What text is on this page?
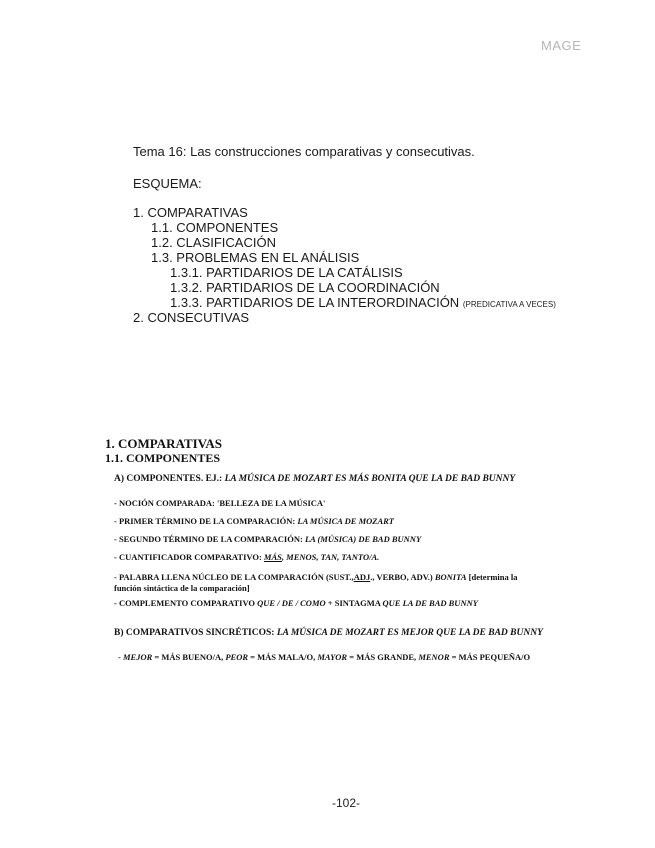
MAGE
Tema 16: Las construcciones comparativas y consecutivas.
ESQUEMA:
1. COMPARATIVAS
1.1. COMPONENTES
1.2. CLASIFICACIÓN
1.3. PROBLEMAS EN EL ANÁLISIS
1.3.1. PARTIDARIOS DE LA CATÁLISIS
1.3.2. PARTIDARIOS DE LA COORDINACIÓN
1.3.3. PARTIDARIOS DE LA INTERORDINACIÓN (PREDICATIVA A VECES)
2. CONSECUTIVAS
1. COMPARATIVAS
1.1. COMPONENTES
A) COMPONENTES. EJ.: LA MÚSICA DE MOZART ES MÁS BONITA QUE LA DE BAD BUNNY
- NOCIÓN COMPARADA: 'BELLEZA DE LA MÚSICA'
- PRIMER TÉRMINO DE LA COMPARACIÓN: LA MÚSICA DE MOZART
- SEGUNDO TÉRMINO DE LA COMPARACIÓN: LA (MÚSICA) DE BAD BUNNY
- CUANTIFICADOR COMPARATIVO: MÁS, MENOS, TAN, TANTO/A.
- PALABRA LLENA NÚCLEO DE LA COMPARACIÓN (SUST.,ADJ., VERBO, ADV.) BONITA [determina la
función sintáctica de la comparación]
- COMPLEMENTO COMPARATIVO QUE / DE / COMO + SINTAGMA QUE LA DE BAD BUNNY
B) COMPARATIVOS SINCRÉTICOS: LA MÚSICA DE MOZART ES MEJOR QUE LA DE BAD BUNNY
- MEJOR = MÁS BUENO/A, PEOR = MÁS MALA/O, MAYOR = MÁS GRANDE, MENOR = MÁS PEQUEÑA/O
-102-
